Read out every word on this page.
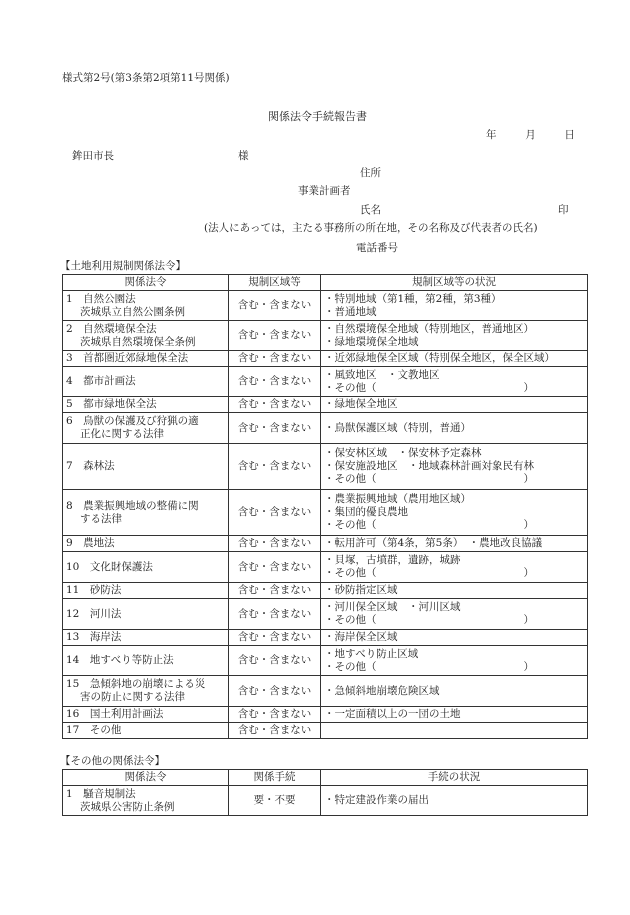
様式第2号(第3条第2項第11号関係)
関係法令手続報告書
年	月	日
鉾田市長	様
住所
事業計画者
氏名	印
(法人にあっては，主たる事務所の所在地，その名称及び代表者の氏名)
電話番号
【土地利用規制関係法令】
関係法令	規制区域等	規制区域等の状況

1　自然公園法
茨城県立自然公園条例	含む・含まない	・特別地域（第1種，第2種，第3種）
・普通地域

2　自然環境保全法
茨城県自然環境保全条例	含む・含まない	・自然環境保全地域（特別地区，普通地区）
・緑地環境保全地域

3　首都圏近郊緑地保全法	含む・含まない	・近郊緑地保全区域（特別保全地区，保全区域）

4　都市計画法	含む・含まない	・風致地区　・文教地区
・その他（　　　　　　　　　　　　　　）

5　都市緑地保全法	含む・含まない	・緑地保全地区

6　鳥獣の保護及び狩猟の適
正化に関する法律	含む・含まない	・鳥獣保護区域（特別，普通）

7　森林法	含む・含まない	・保安林区域　・保安林予定森林
・保安施設地区　・地域森林計画対象民有林
・その他（　　　　　　　　　　　　　　）

8　農業振興地域の整備に関
する法律	含む・含まない	・農業振興地域（農用地区域）
・集団的優良農地
・その他（　　　　　　　　　　　　　　）

9　農地法	含む・含まない	・転用許可（第4条，第5条）　・農地改良協議

10　文化財保護法	含む・含まない	・貝塚，古墳群，遺跡，城跡
・その他（　　　　　　　　　　　　　　）

11　砂防法	含む・含まない	・砂防指定区域

12　河川法	含む・含まない	・河川保全区域　・河川区域
・その他（　　　　　　　　　　　　　　）

13　海岸法	含む・含まない	・海岸保全区域

14　地すべり等防止法	含む・含まない	・地すべり防止区域
・その他（　　　　　　　　　　　　　　）

15　急傾斜地の崩壊による災
害の防止に関する法律	含む・含まない	・急傾斜地崩壊危険区域

16　国土利用計画法	含む・含まない	・一定面積以上の一団の土地

17　その他	含む・含まない	
【その他の関係法令】
関係法令	関係手続	手続の状況

1　騒音規制法
茨城県公害防止条例	要・不要	・特定建設作業の届出
